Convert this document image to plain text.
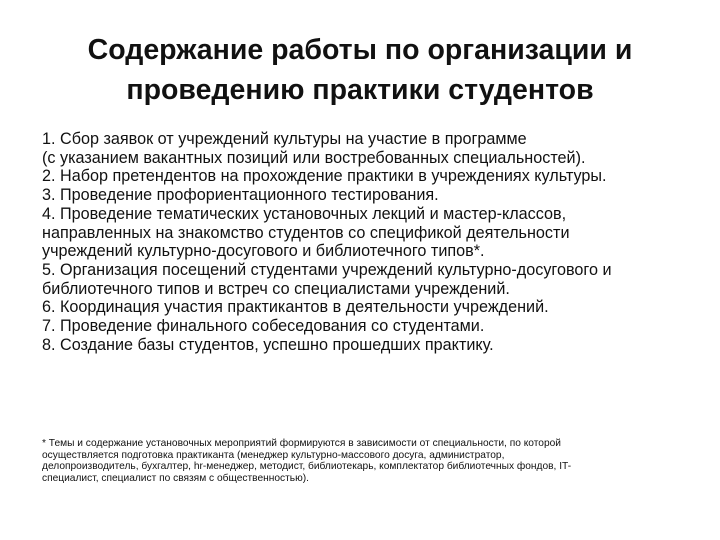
Содержание работы по организации и
проведению практики студентов
1. Сбор заявок от учреждений культуры на участие в программе
(с указанием вакантных позиций или востребованных специальностей).
2. Набор претендентов на прохождение практики в учреждениях культуры.
3. Проведение профориентационного тестирования.
4. Проведение тематических установочных лекций и мастер-классов,
направленных на знакомство студентов со спецификой деятельности
учреждений культурно-досугового и библиотечного типов*.
5. Организация посещений студентами учреждений культурно-досугового и
библиотечного типов и встреч со специалистами учреждений.
6. Координация участия практикантов в деятельности учреждений.
7. Проведение финального собеседования со студентами.
8. Создание базы студентов, успешно прошедших практику.
* Темы и содержание установочных мероприятий формируются в зависимости от специальности, по которой
осуществляется подготовка практиканта (менеджер культурно-массового досуга, администратор,
делопроизводитель, бухгалтер, hr-менеджер, методист, библиотекарь, комплектатор библиотечных фондов, IT-
специалист, специалист по связям с общественностью).
